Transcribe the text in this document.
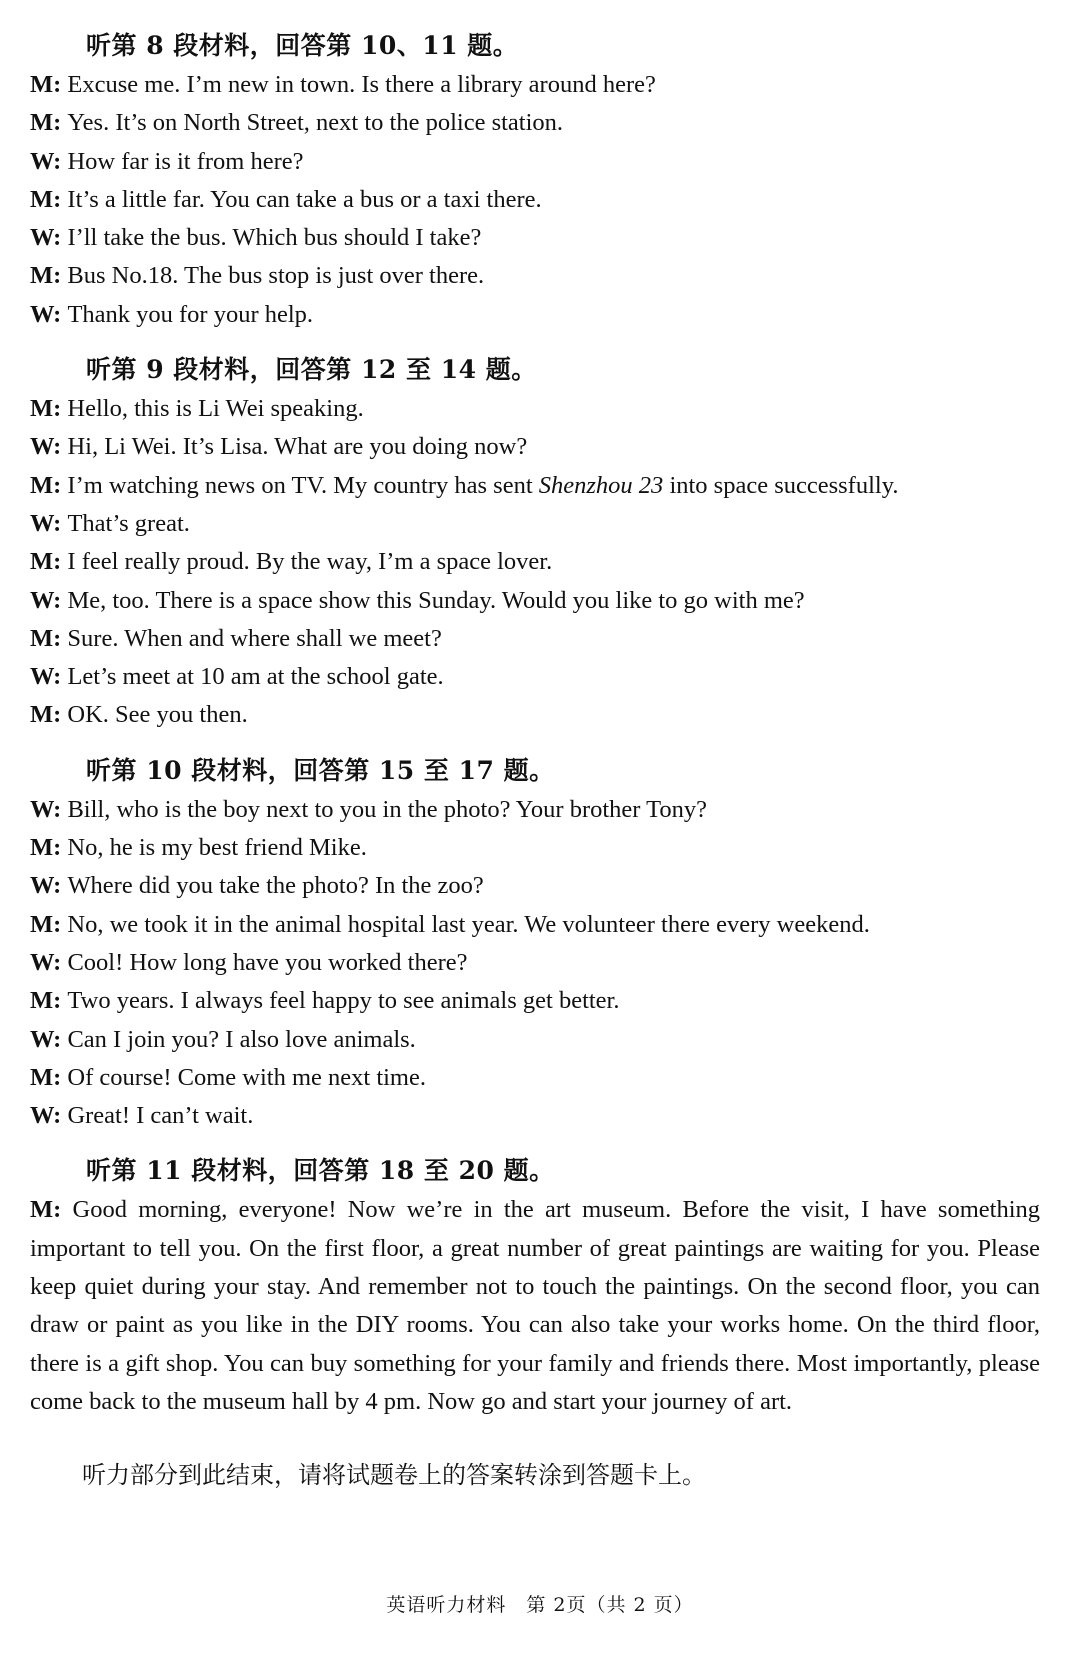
听第 8 段材料，回答第 10、11 题。
M: Excuse me. I’m new in town. Is there a library around here?
M: Yes. It’s on North Street, next to the police station.
W: How far is it from here?
M: It’s a little far. You can take a bus or a taxi there.
W: I’ll take the bus. Which bus should I take?
M: Bus No.18. The bus stop is just over there.
W: Thank you for your help.
听第 9 段材料，回答第 12 至 14 题。
M: Hello, this is Li Wei speaking.
W: Hi, Li Wei. It’s Lisa. What are you doing now?
M: I’m watching news on TV. My country has sent Shenzhou 23 into space successfully.
W: That’s great.
M: I feel really proud. By the way, I’m a space lover.
W: Me, too. There is a space show this Sunday. Would you like to go with me?
M: Sure. When and where shall we meet?
W: Let’s meet at 10 am at the school gate.
M: OK. See you then.
听第 10 段材料，回答第 15 至 17 题。
W: Bill, who is the boy next to you in the photo? Your brother Tony?
M: No, he is my best friend Mike.
W: Where did you take the photo? In the zoo?
M: No, we took it in the animal hospital last year. We volunteer there every weekend.
W: Cool! How long have you worked there?
M: Two years. I always feel happy to see animals get better.
W: Can I join you? I also love animals.
M: Of course! Come with me next time.
W: Great! I can’t wait.
听第 11 段材料，回答第 18 至 20 题。
M: Good morning, everyone! Now we’re in the art museum. Before the visit, I have something important to tell you. On the first floor, a great number of great paintings are waiting for you. Please keep quiet during your stay. And remember not to touch the paintings. On the second floor, you can draw or paint as you like in the DIY rooms. You can also take your works home. On the third floor, there is a gift shop. You can buy something for your family and friends there. Most importantly, please come back to the museum hall by 4 pm. Now go and start your journey of art.
听力部分到此结束，请将试题卷上的答案转涂到答题卡上。
英语听力材料　第 2页（共 2 页）
